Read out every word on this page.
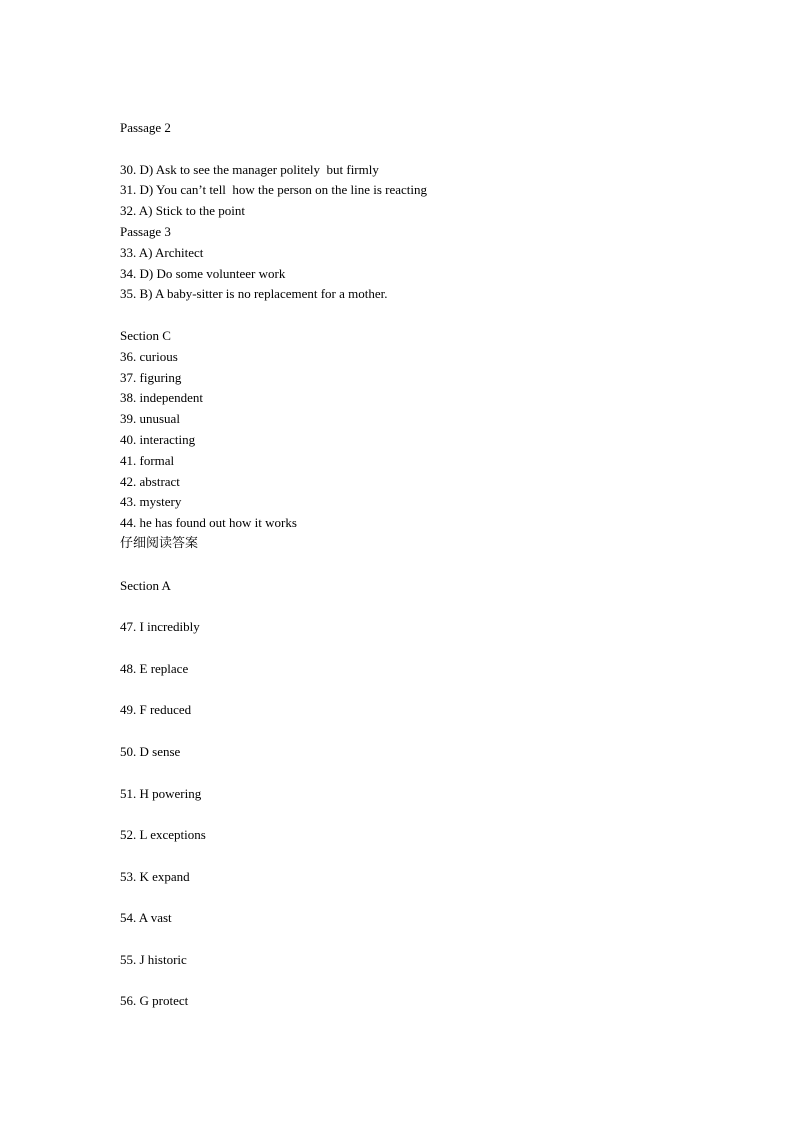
Passage 2
30. D) Ask to see the manager politely  but firmly
31. D) You can’t tell  how the person on the line is reacting
32. A) Stick to the point
Passage 3
33. A) Architect
34. D) Do some volunteer work
35. B) A baby-sitter is no replacement for a mother.
Section C
36. curious
37. figuring
38. independent
39. unusual
40. interacting
41. formal
42. abstract
43. mystery
44. he has found out how it works
仔细阅读答案
Section A
47. I incredibly
48. E replace
49. F reduced
50. D sense
51. H powering
52. L exceptions
53. K expand
54. A vast
55. J historic
56. G protect
